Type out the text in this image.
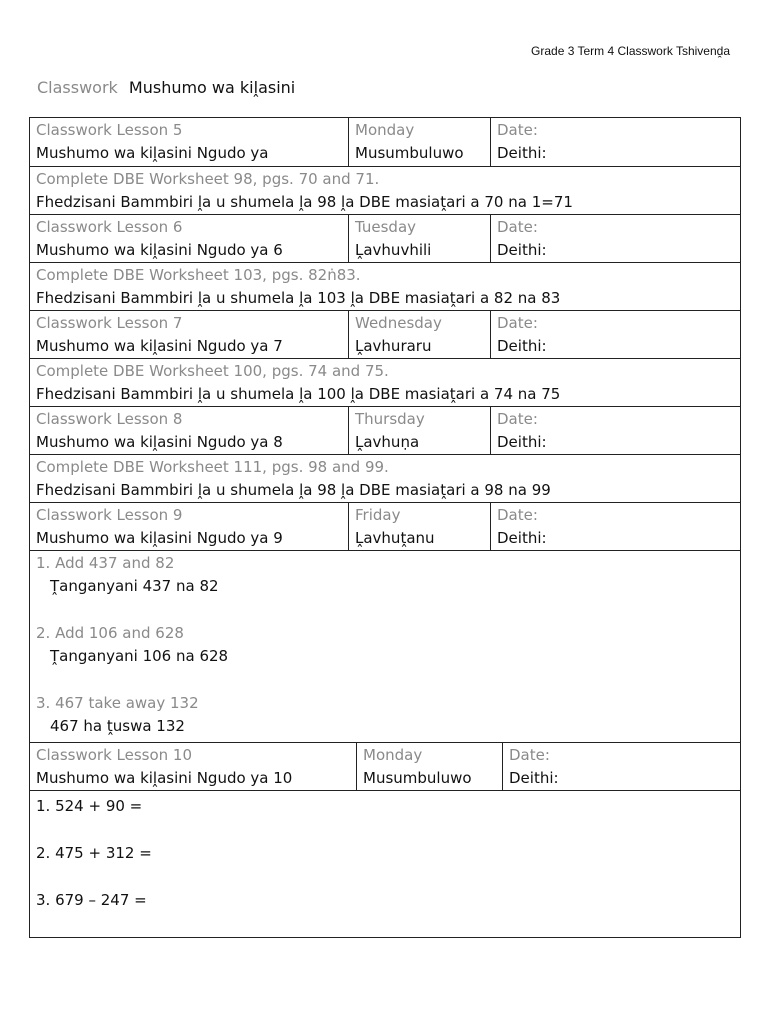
Grade 3 Term 4 Classwork Tshivenḓa
Classwork Mushumo wa kiḽasini
Classwork Lesson 5
Mushumo wa kiḽasini Ngudo ya
Monday
Musumbuluwo
Date:
Deithi:
Complete DBE Worksheet 98, pgs. 70 and 71.
Fhedzisani Bammbiri ḽa u shumela ḽa 98 ḽa DBE masiaṱari a 70 na 1=71
Classwork Lesson 6
Mushumo wa kiḽasini Ngudo ya 6
Tuesday
Ḽavhuvhili
Date:
Deithi:
Complete DBE Worksheet 103, pgs. 82ṅ83.
Fhedzisani Bammbiri ḽa u shumela ḽa 103 ḽa DBE masiaṱari a 82 na 83
Classwork Lesson 7
Mushumo wa kiḽasini Ngudo ya 7
Wednesday
Ḽavhuraru
Date:
Deithi:
Complete DBE Worksheet 100, pgs. 74 and 75.
Fhedzisani Bammbiri ḽa u shumela ḽa 100 ḽa DBE masiaṱari a 74 na 75
Classwork Lesson 8
Mushumo wa kiḽasini Ngudo ya 8
Thursday
Ḽavhuṇa
Date:
Deithi:
Complete DBE Worksheet 111, pgs. 98 and 99.
Fhedzisani Bammbiri ḽa u shumela ḽa 98 ḽa DBE masiaṱari a 98 na 99
Classwork Lesson 9
Mushumo wa kiḽasini Ngudo ya 9
Friday
Ḽavhuṱanu
Date:
Deithi:
1. Add 437 and 82
Ṱanganyani 437 na 82
2. Add 106 and 628
Ṱanganyani 106 na 628
3. 467 take away 132
467 ha ṱuswa 132
Classwork Lesson 10
Mushumo wa kiḽasini Ngudo ya 10
Monday
Musumbuluwo
Date:
Deithi:
1. 524 + 90 =
2. 475 + 312 =
3. 679 – 247 =
